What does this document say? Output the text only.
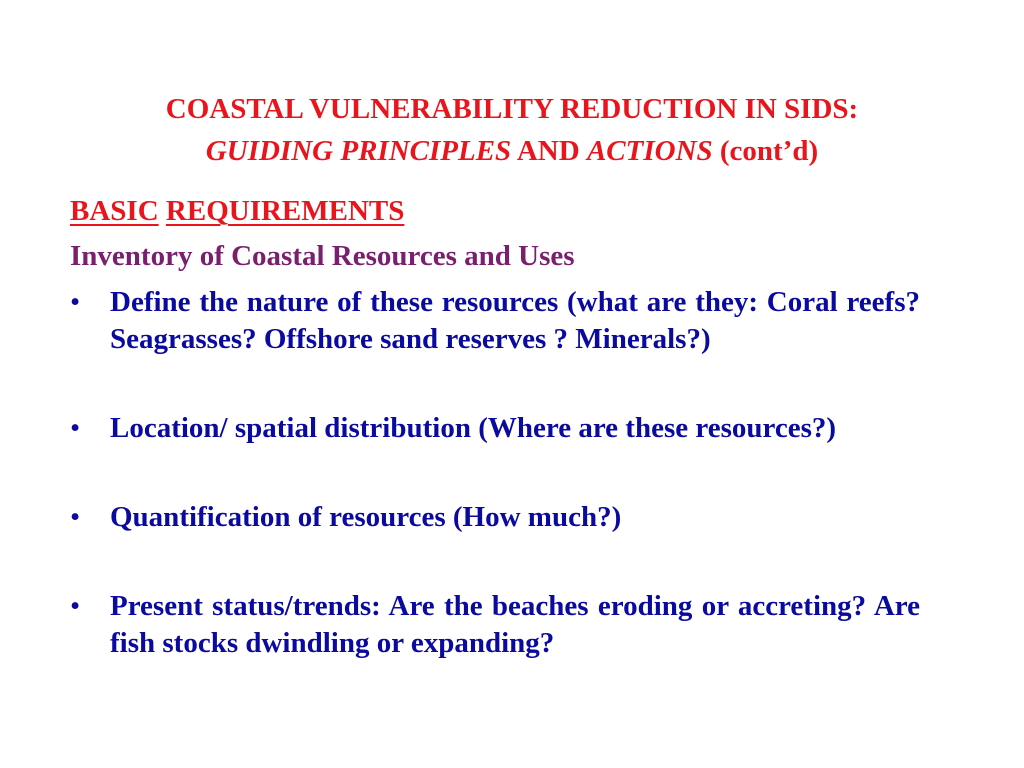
COASTAL VULNERABILITY REDUCTION IN SIDS:
GUIDING PRINCIPLES AND ACTIONS (cont’d)
BASIC REQUIREMENTS
Inventory of Coastal Resources and Uses
• Define the nature of these resources (what are they: Coral reefs? Seagrasses? Offshore sand reserves ? Minerals?)
• Location/ spatial distribution (Where are these resources?)
• Quantification of resources (How much?)
• Present status/trends: Are the beaches eroding or accreting? Are fish stocks dwindling or expanding?
